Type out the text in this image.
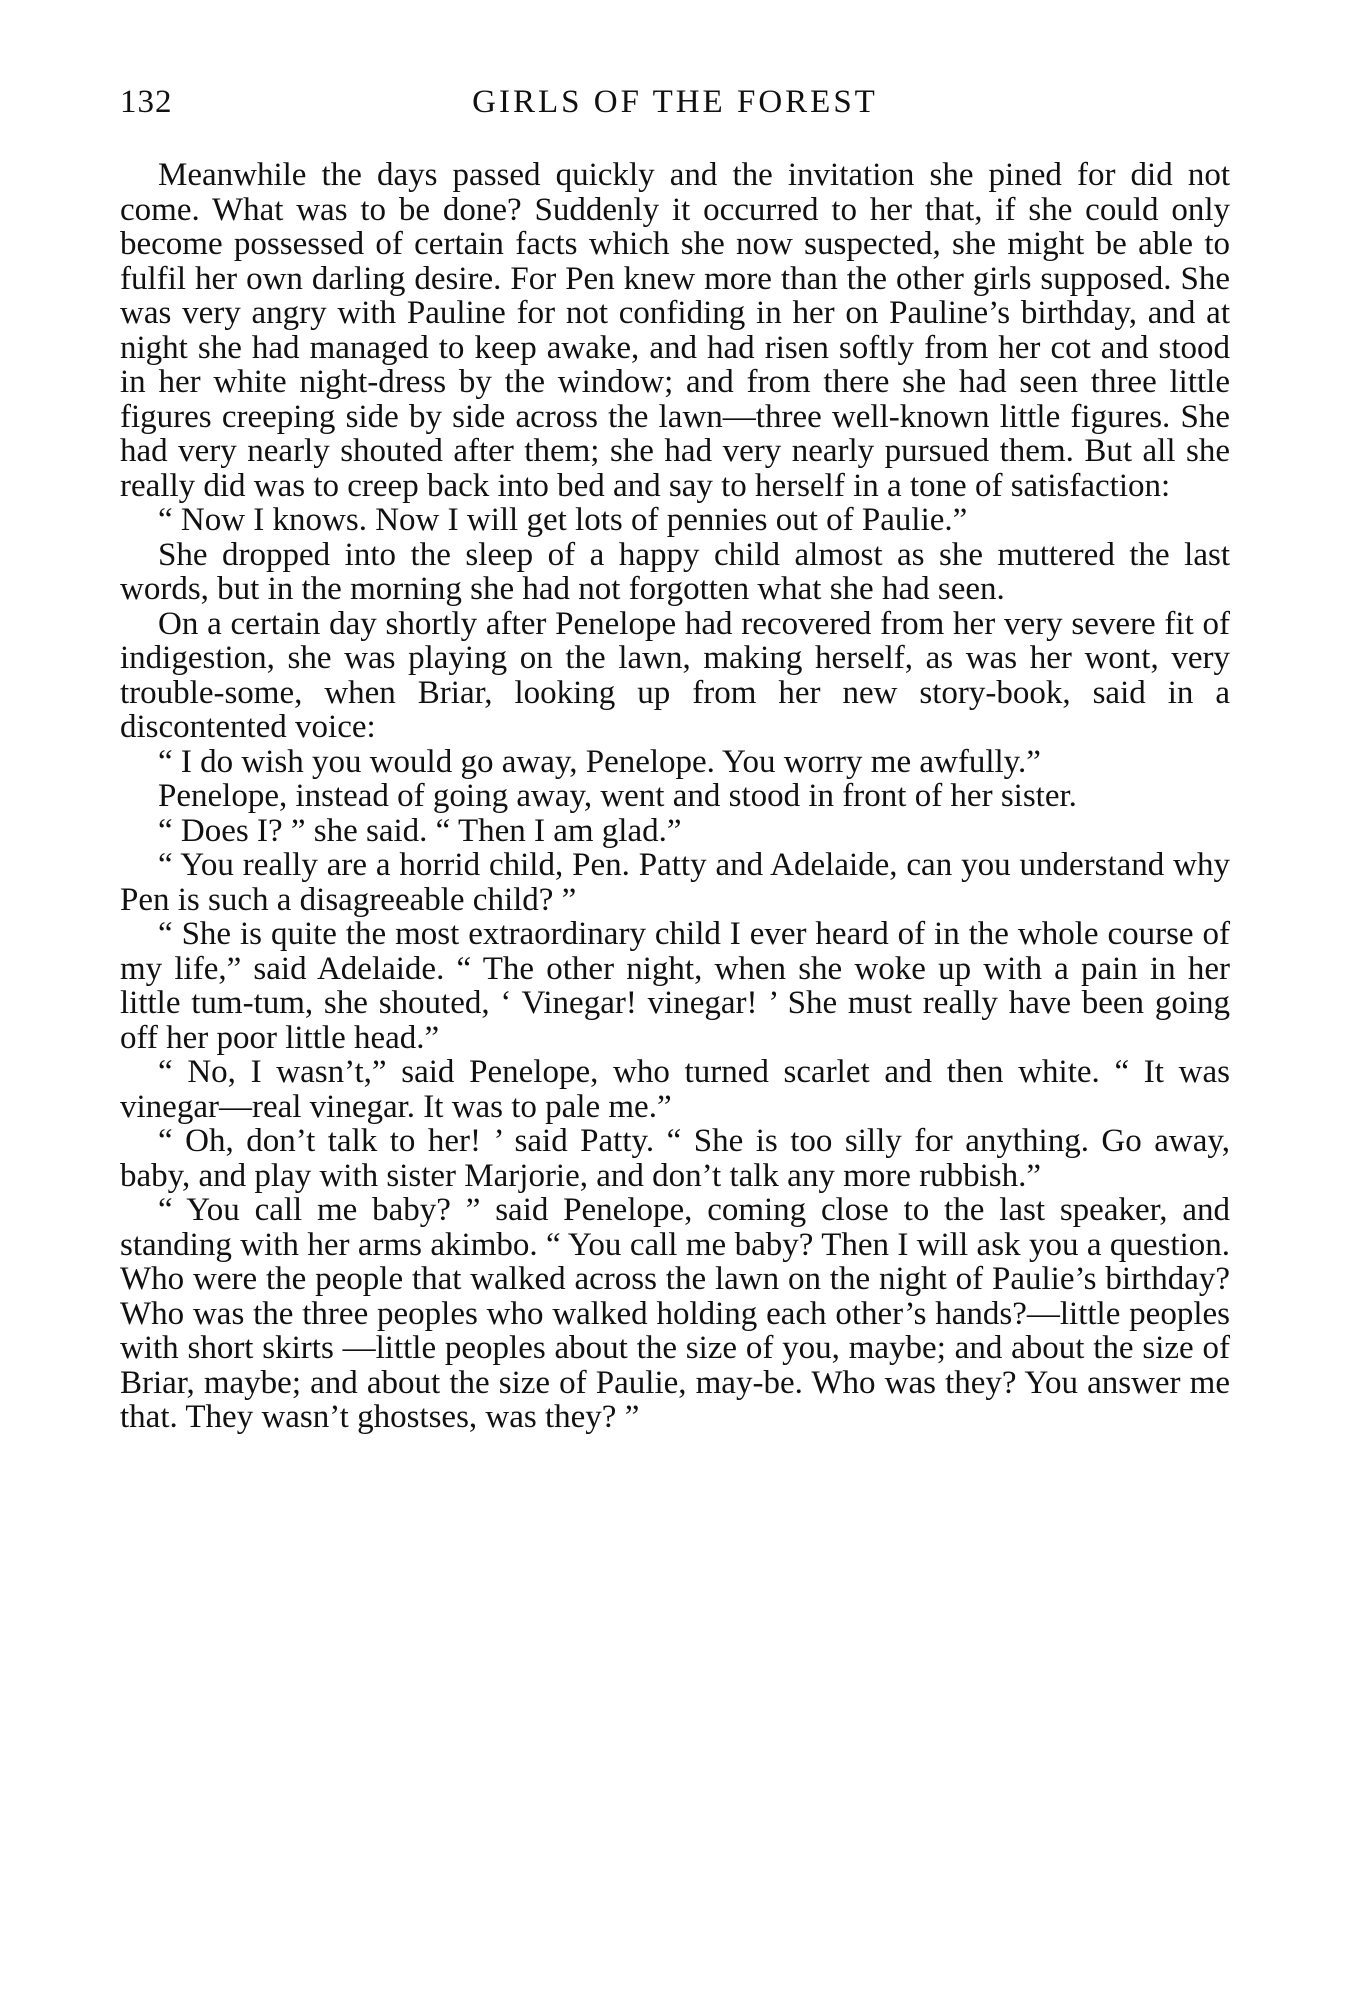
132	GIRLS OF THE FOREST

Meanwhile the days passed quickly and the invitation she pined for did not come. What was to be done? Suddenly it occurred to her that, if she could only become possessed of certain facts which she now suspected, she might be able to fulfil her own darling desire. For Pen knew more than the other girls supposed. She was very angry with Pauline for not confiding in her on Pauline’s birthday, and at night she had managed to keep awake, and had risen softly from her cot and stood in her white night-dress by the window; and from there she had seen three little figures creeping side by side across the lawn—three well-known little figures. She had very nearly shouted after them; she had very nearly pursued them. But all she really did was to creep back into bed and say to herself in a tone of satisfaction:

“ Now I knows. Now I will get lots of pennies out of Paulie.”

She dropped into the sleep of a happy child almost as she muttered the last words, but in the morning she had not forgotten what she had seen.

On a certain day shortly after Penelope had recovered from her very severe fit of indigestion, she was playing on the lawn, making herself, as was her wont, very trouble-some, when Briar, looking up from her new story-book, said in a discontented voice:

“ I do wish you would go away, Penelope. You worry me awfully.”

Penelope, instead of going away, went and stood in front of her sister.

“ Does I? ” she said. “ Then I am glad.”

“ You really are a horrid child, Pen. Patty and Adelaide, can you understand why Pen is such a disagreeable child? ”

“ She is quite the most extraordinary child I ever heard of in the whole course of my life,” said Adelaide. “ The other night, when she woke up with a pain in her little tum-tum, she shouted, ‘ Vinegar! vinegar! ’ She must really have been going off her poor little head.”

“ No, I wasn’t,” said Penelope, who turned scarlet and then white. “ It was vinegar—real vinegar. It was to pale me.”

“ Oh, don’t talk to her! ’ said Patty. “ She is too silly for anything. Go away, baby, and play with sister Marjorie, and don’t talk any more rubbish.”

“ You call me baby? ” said Penelope, coming close to the last speaker, and standing with her arms akimbo. “ You call me baby? Then I will ask you a question. Who were the people that walked across the lawn on the night of Paulie’s birthday? Who was the three peoples who walked holding each other’s hands?—little peoples with short skirts —little peoples about the size of you, maybe; and about the size of Briar, maybe; and about the size of Paulie, may-be. Who was they? You answer me that. They wasn’t ghostses, was they? ”
